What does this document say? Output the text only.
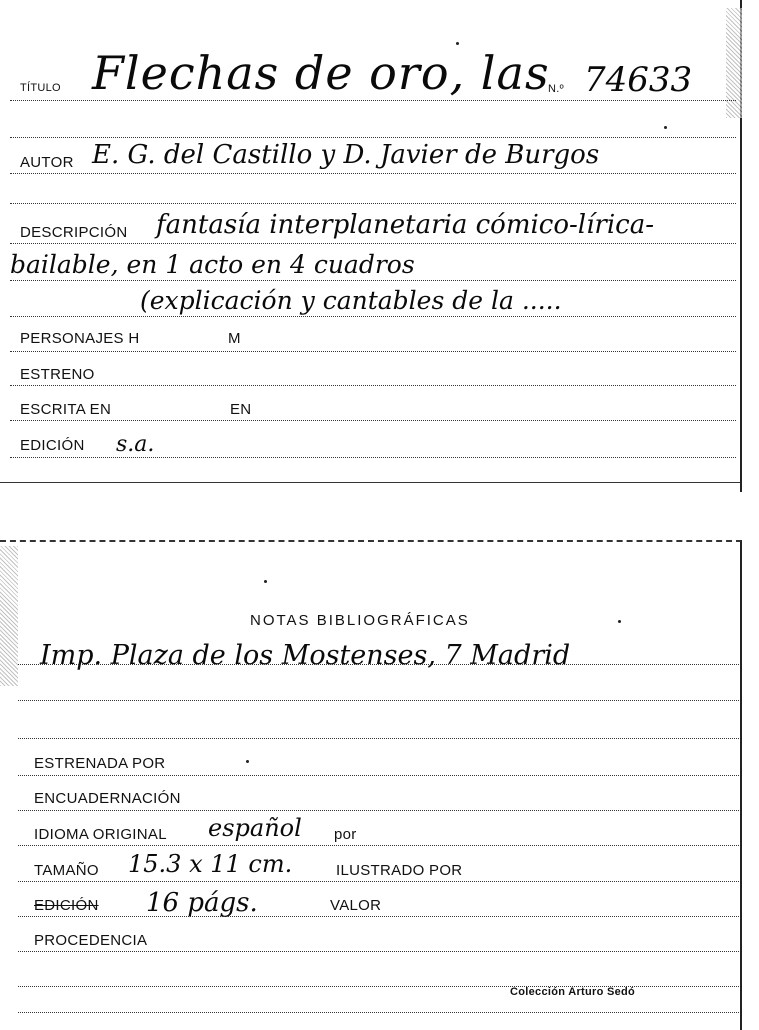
TÍTULO Flechas de oro, las
N.º 74633
AUTOR E. G. del Castillo y D. Javier de Burgos
DESCRIPCIÓN fantasía interplanetaria cómico-lírica-
bailable, en 1 acto en 4 cuadros
(explicación y cantables de la .....
PERSONAJES H	M
ESTRENO
ESCRITA EN	EN
EDICIÓN s.a.
NOTAS BIBLIOGRÁFICAS
Imp. Plaza de los Mostenses, 7 Madrid
ESTRENADA POR
ENCUADERNACIÓN
IDIOMA ORIGINAL español por
TAMAÑO 15.3 x 11 cm.	ILUSTRADO POR
EDICIÓN 16 págs.	VALOR
PROCEDENCIA
Colección Arturo Sedó
